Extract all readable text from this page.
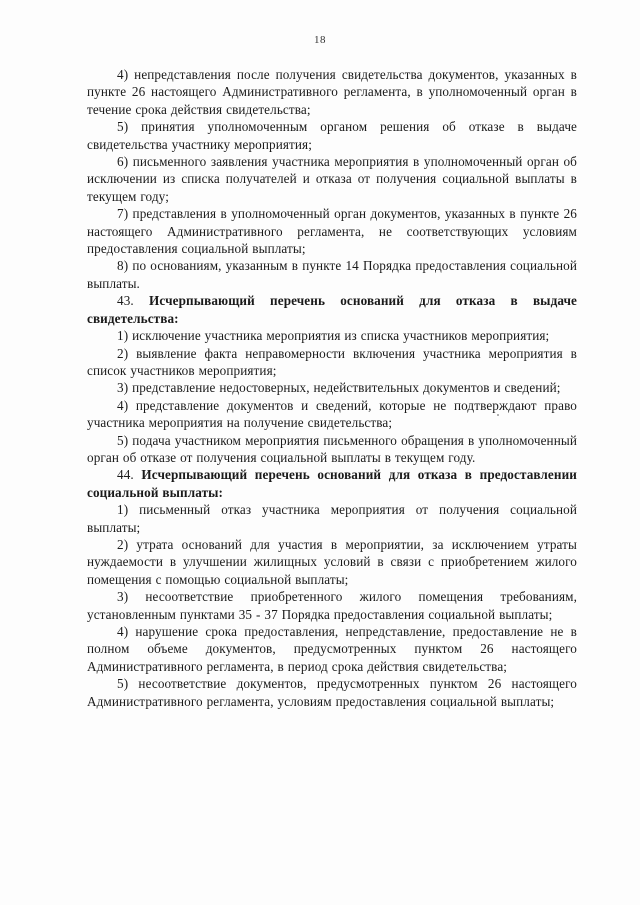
18

4) непредставления после получения свидетельства документов, указанных в пункте 26 настоящего Административного регламента, в уполномоченный орган в течение срока действия свидетельства;

5) принятия уполномоченным органом решения об отказе в выдаче свидетельства участнику мероприятия;

6) письменного заявления участника мероприятия в уполномоченный орган об исключении из списка получателей и отказа от получения социальной выплаты в текущем году;

7) представления в уполномоченный орган документов, указанных в пункте 26 настоящего Административного регламента, не соответствующих условиям предоставления социальной выплаты;

8) по основаниям, указанным в пункте 14 Порядка предоставления социальной выплаты.

43. Исчерпывающий перечень оснований для отказа в выдаче свидетельства:

1) исключение участника мероприятия из списка участников мероприятия;

2) выявление факта неправомерности включения участника мероприятия в список участников мероприятия;

3) представление недостоверных, недействительных документов и сведений;

4) представление документов и сведений, которые не подтверждают право участника мероприятия на получение свидетельства;

5) подача участником мероприятия письменного обращения в уполномоченный орган об отказе от получения социальной выплаты в текущем году.

44. Исчерпывающий перечень оснований для отказа в предоставлении социальной выплаты:

1) письменный отказ участника мероприятия от получения социальной выплаты;

2) утрата оснований для участия в мероприятии, за исключением утраты нуждаемости в улучшении жилищных условий в связи с приобретением жилого помещения с помощью социальной выплаты;

3) несоответствие приобретенного жилого помещения требованиям, установленным пунктами 35 - 37 Порядка предоставления социальной выплаты;

4) нарушение срока предоставления, непредставление, предоставление не в полном объеме документов, предусмотренных пунктом 26 настоящего Административного регламента, в период срока действия свидетельства;

5) несоответствие документов, предусмотренных пунктом 26 настоящего Административного регламента, условиям предоставления социальной выплаты;
